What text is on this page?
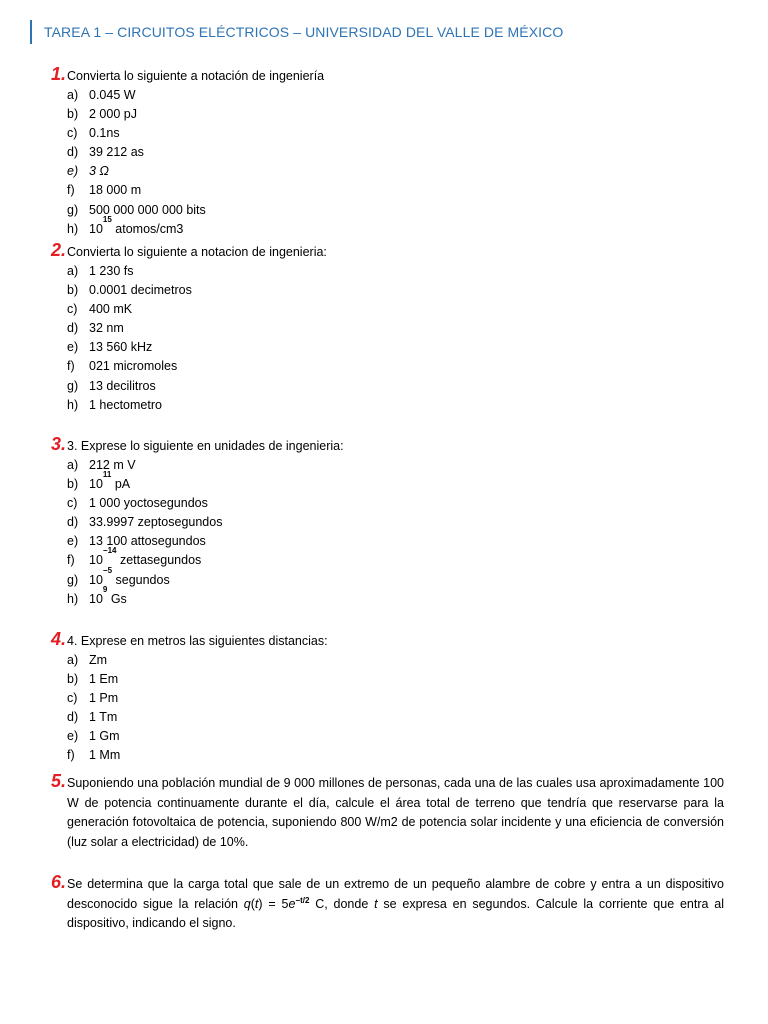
TAREA 1 – CIRCUITOS ELÉCTRICOS – UNIVERSIDAD DEL VALLE DE MÉXICO
1. Convierta lo siguiente a notación de ingeniería
a) 0.045 W
b) 2 000 pJ
c) 0.1ns
d) 39 212 as
e) 3 Ω
f)	18 000 m
g) 500 000 000 000 bits
h) 10
15
atomos/cm3
2. Convierta lo siguiente a notacion de ingenieria:
a) 1 230 fs
b) 0.0001 decimetros
c) 400 mK
d) 32 nm
e) 13 560 kHz
f)	021 micromoles
g) 13 decilitros
h) 1 hectometro
3. 3. Exprese lo siguiente en unidades de ingenieria:
a) 212 m V
b) 10
11
pA
c) 1 000 yoctosegundos
d) 33.9997 zeptosegundos
e) 13 100 attosegundos
f)	10
−14
zettasegundos
g) 10
−5
segundos
h) 10
9
Gs
4. 4. Exprese en metros las siguientes distancias:
a) Zm
b) 1 Em
c) 1 Pm
d) 1 Tm
e) 1 Gm
f)	1 Mm
5. Suponiendo una población mundial de 9 000 millones de personas, cada una de las cuales usa aproximadamente 100 W de potencia continuamente durante el día, calcule el área total de terreno que tendría que reservarse para la generación fotovoltaica de potencia, suponiendo 800 W/m2 de potencia solar incidente y una eficiencia de conversión (luz solar a electricidad) de 10%.
6. Se determina que la carga total que sale de un extremo de un pequeño alambre de cobre y entra a un dispositivo desconocido sigue la relación $q(t) = 5e^{-t/2}$ C, donde t se expresa en segundos. Calcule la corriente que entra al dispositivo, indicando el signo.
